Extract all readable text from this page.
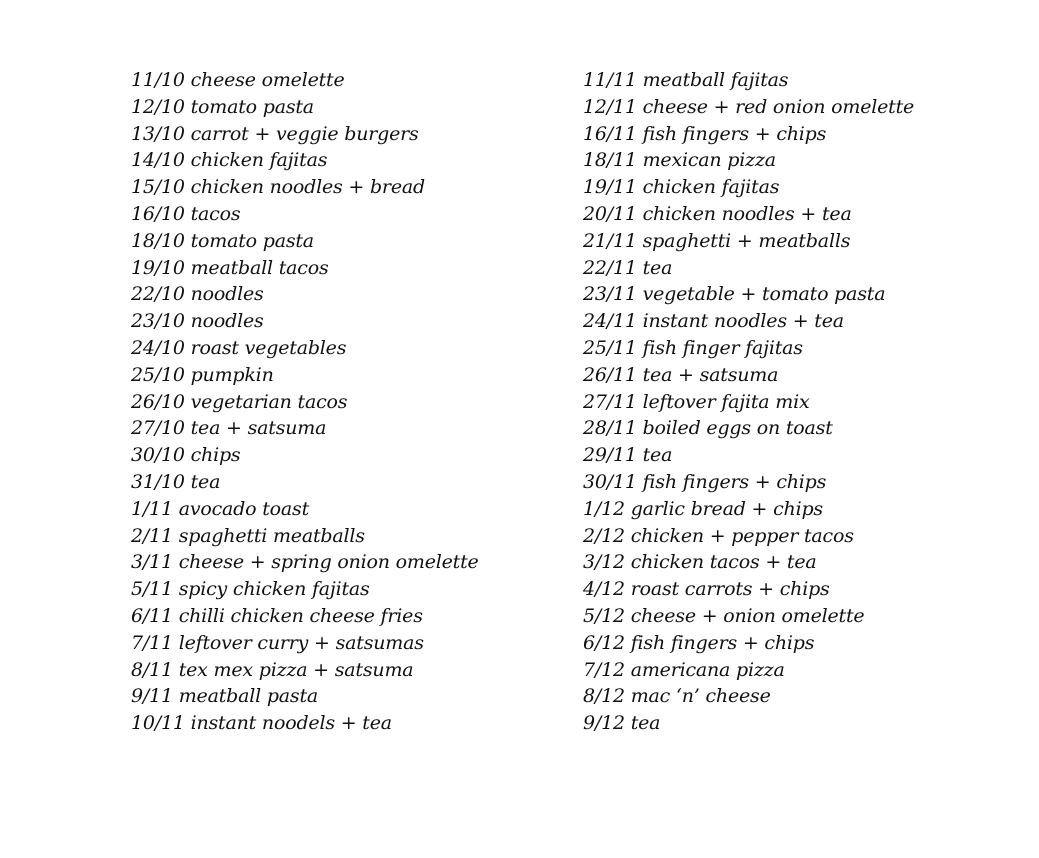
11/10 cheese omelette
12/10 tomato pasta
13/10 carrot + veggie burgers
14/10 chicken fajitas
15/10 chicken noodles + bread
16/10 tacos
18/10 tomato pasta
19/10 meatball tacos
22/10 noodles
23/10 noodles
24/10 roast vegetables
25/10 pumpkin
26/10 vegetarian tacos
27/10 tea + satsuma
30/10 chips
31/10 tea
1/11 avocado toast
2/11 spaghetti meatballs
3/11 cheese + spring onion omelette
5/11 spicy chicken fajitas
6/11 chilli chicken cheese fries
7/11 leftover curry + satsumas
8/11 tex mex pizza + satsuma
9/11 meatball pasta
10/11 instant noodels + tea
11/11 meatball fajitas
12/11 cheese + red onion omelette
16/11 fish fingers + chips
18/11 mexican pizza
19/11 chicken fajitas
20/11 chicken noodles + tea
21/11 spaghetti + meatballs
22/11 tea
23/11 vegetable + tomato pasta
24/11 instant noodles + tea
25/11 fish finger fajitas
26/11 tea + satsuma
27/11 leftover fajita mix
28/11 boiled eggs on toast
29/11 tea
30/11 fish fingers + chips
1/12 garlic bread + chips
2/12 chicken + pepper tacos
3/12 chicken tacos + tea
4/12 roast carrots + chips
5/12 cheese + onion omelette
6/12 fish fingers + chips
7/12 americana pizza
8/12 mac ‘n’ cheese
9/12 tea
